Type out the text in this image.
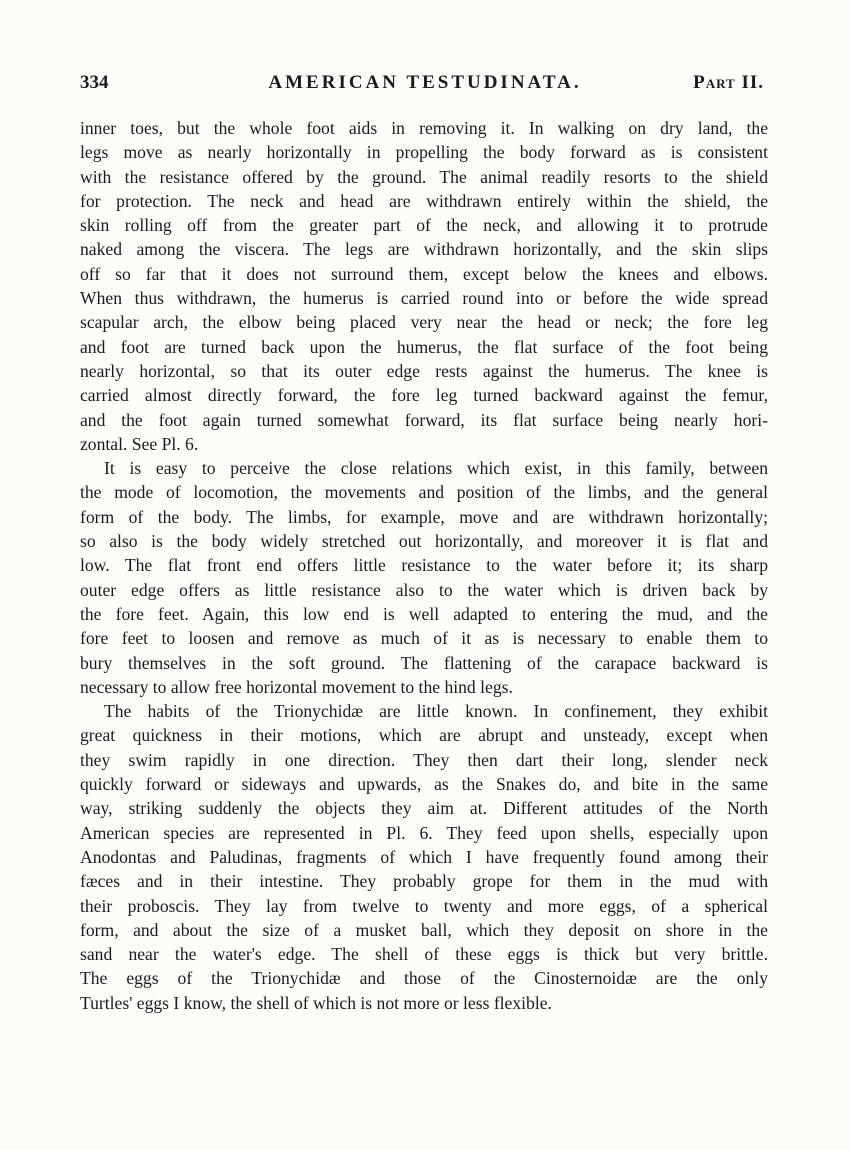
334	AMERICAN TESTUDINATA.	Part II.
inner toes, but the whole foot aids in removing it. In walking on dry land, the
legs move as nearly horizontally in propelling the body forward as is consistent
with the resistance offered by the ground. The animal readily resorts to the shield
for protection. The neck and head are withdrawn entirely within the shield, the
skin rolling off from the greater part of the neck, and allowing it to protrude
naked among the viscera. The legs are withdrawn horizontally, and the skin slips
off so far that it does not surround them, except below the knees and elbows.
When thus withdrawn, the humerus is carried round into or before the wide spread
scapular arch, the elbow being placed very near the head or neck; the fore leg
and foot are turned back upon the humerus, the flat surface of the foot being
nearly horizontal, so that its outer edge rests against the humerus. The knee is
carried almost directly forward, the fore leg turned backward against the femur,
and the foot again turned somewhat forward, its flat surface being nearly hori-
zontal. See Pl. 6.
It is easy to perceive the close relations which exist, in this family, between
the mode of locomotion, the movements and position of the limbs, and the general
form of the body. The limbs, for example, move and are withdrawn horizontally;
so also is the body widely stretched out horizontally, and moreover it is flat and
low. The flat front end offers little resistance to the water before it; its sharp
outer edge offers as little resistance also to the water which is driven back by
the fore feet. Again, this low end is well adapted to entering the mud, and the
fore feet to loosen and remove as much of it as is necessary to enable them to
bury themselves in the soft ground. The flattening of the carapace backward is
necessary to allow free horizontal movement to the hind legs.
The habits of the Trionychidæ are little known. In confinement, they exhibit
great quickness in their motions, which are abrupt and unsteady, except when
they swim rapidly in one direction. They then dart their long, slender neck
quickly forward or sideways and upwards, as the Snakes do, and bite in the same
way, striking suddenly the objects they aim at. Different attitudes of the North
American species are represented in Pl. 6. They feed upon shells, especially upon
Anodontas and Paludinas, fragments of which I have frequently found among their
fæces and in their intestine. They probably grope for them in the mud with
their proboscis. They lay from twelve to twenty and more eggs, of a spherical
form, and about the size of a musket ball, which they deposit on shore in the
sand near the water's edge. The shell of these eggs is thick but very brittle.
The eggs of the Trionychidæ and those of the Cinosternoidæ are the only
Turtles' eggs I know, the shell of which is not more or less flexible.
